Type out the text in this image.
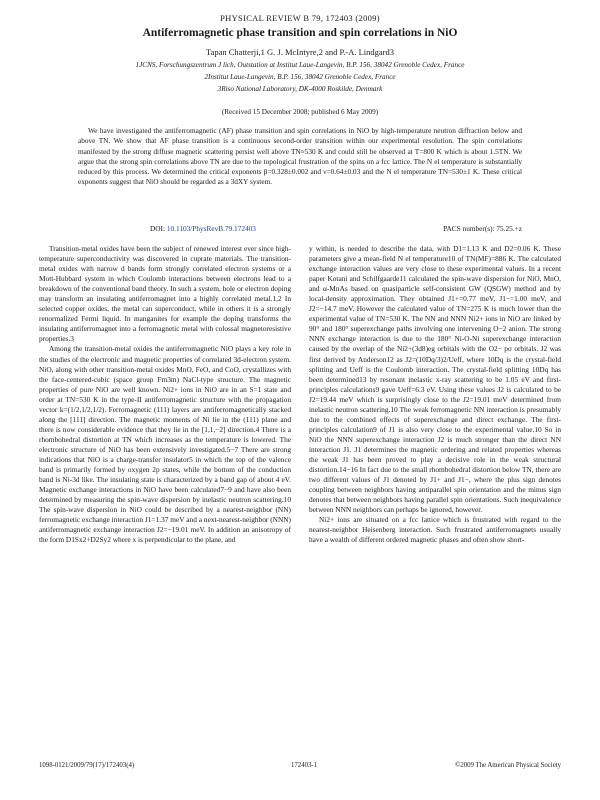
PHYSICAL REVIEW B 79, 172403 (2009)
Antiferromagnetic phase transition and spin correlations in NiO
Tapan Chatterji,1 G. J. McIntyre,2 and P.-A. Lindgard3
1JCNS, Forschungszentrum J lich, Outstation at Institut Laue-Langevin, B.P. 156, 38042 Grenoble Cedex, France
2Institut Laue-Langevin, B.P. 156, 38042 Grenoble Cedex, France
3Riso National Laboratory, DK-4000 Roskilde, Denmark
(Received 15 December 2008; published 6 May 2009)
We have investigated the antiferromagnetic (AF) phase transition and spin correlations in NiO by high-temperature neutron diffraction below and above TN. We show that AF phase transition is a continuous second-order transition within our experimental resolution. The spin correlations manifested by the strong diffuse magnetic scattering persist well above TN≈530 K and could still be observed at T=800 K which is about 1.5TN. We argue that the strong spin correlations above TN are due to the topological frustration of the spins on a fcc lattice. The N el temperature is substantially reduced by this process. We determined the critical exponents β=0.328±0.002 and ν=0.64±0.03 and the N el temperature TN=530±1 K. These critical exponents suggest that NiO should be regarded as a 3dXY system.
DOI: 10.1103/PhysRevB.79.172403	PACS number(s): 75.25.+z

Transition-metal oxides have been the subject of renewed interest ever since high-temperature superconductivity was discovered in cuprate materials. The transition-metal oxides with narrow d bands form strongly correlated electron systems or a Mott-Hubbard system in which Coulomb interactions between electrons lead to a breakdown of the conventional band theory. In such a system, hole or electron doping may transform an insulating antiferromagnet into a highly correlated metal.1,2 In selected copper oxides, the metal can superconduct, while in others it is a strongly renormalized Fermi liquid. In manganites for example the doping transforms the insulating antiferromagnet into a ferromagnetic metal with colossal magnetoresistive properties.3

Among the transition-metal oxides the antiferromagnetic NiO plays a key role in the studies of the electronic and magnetic properties of correlated 3d-electron system. NiO, along with other transition-metal oxides MnO, FeO, and CoO, crystallizes with the face-centered-cubic (space group Fm3m) NaCl-type structure. The magnetic properties of pure NiO are well known. Ni2+ ions in NiO are in an S=1 state and order at TN=530 K in the type-II antiferromagnetic structure with the propagation vector k=(1/2,1/2,1/2). Ferromagnetic (111) layers are antiferromagnetically stacked along the [111] direction. The magnetic moments of Ni lie in the (111) plane and there is now considerable evidence that they lie in the [1,1,−2] direction.4 There is a rhombohedral distortion at TN which increases as the temperature is lowered. The electronic structure of NiO has been extensively investigated.5−7 There are strong indications that NiO is a charge-transfer insulator5 in which the top of the valence band is primarily formed by oxygen 2p states, while the bottom of the conduction band is Ni-3d like. The insulating state is characterized by a band gap of about 4 eV. Magnetic exchange interactions in NiO have been calculated7−9 and have also been determined by measuring the spin-wave dispersion by inelastic neutron scattering.10 The spin-wave dispersion in NiO could be described by a nearest-neighbor (NN) ferromagnetic exchange interaction J1=1.37 meV and a next-nearest-neighbor (NNN) antiferromagnetic exchange interaction J2=−19.01 meV. In addition an anisotropy of the form D1Sx2+D2Sy2 where x is perpendicular to the plane, and

y within, is needed to describe the data, with D1=1.13 K and D2=0.06 K. These parameters give a mean-field N el temperature10 of TN(MF)=886 K. The calculated exchange interaction values are very close to these experimental values. In a recent paper Kotani and Schilfgaarde11 calculated the spin-wave dispersion for NiO, MnO, and α-MnAs based on quasiparticle self-consistent GW (QSGW) method and by local-density approximation. They obtained J1+=0.77 meV, J1−=1.00 meV, and J2=−14.7 meV. However the calculated value of TN=275 K is much lower than the experimental value of TN=530 K. The NN and NNN Ni2+ ions in NiO are linked by 90° and 180° superexchange paths involving one intervening O−2 anion. The strong NNN exchange interaction is due to the 180° Ni-O-Ni superexchange interaction caused by the overlap of the Ni2+(3d8)eg orbitals with the O2− pσ orbitals. J2 was first derived by Anderson12 as J2=(10Dq/3)2/Ueff, where 10Dq is the crystal-field splitting and Ueff is the Coulomb interaction. The crystal-field splitting 10Dq has been determined13 by resonant inelastic x-ray scattering to be 1.05 eV and first-principles calculations9 gave Ueff=6.3 eV. Using these values J2 is calculated to be J2=19.44 meV which is surprisingly close to the J2=19.01 meV determined from inelastic neutron scattering.10 The weak ferromagnetic NN interaction is presumably due to the combined effects of superexchange and direct exchange. The first-principles calculation9 of J1 is also very close to the experimental value.10 So in NiO the NNN superexchange interaction J2 is much stronger than the direct NN interaction J1. J1 determines the magnetic ordering and related properties whereas the weak J1 has been proved to play a decisive role in the weak structural distortion.14−16 In fact due to the small rhombohedral distortion below TN, there are two different values of J1 denoted by J1+ and J1−, where the plus sign denotes coupling between neighbors having antiparallel spin orientation and the minus sign denotes that between neighbors having parallel spin orientations. Such inequivalence between NNN neighbors can perhaps be ignored, however.

Ni2+ ions are situated on a fcc lattice which is frustrated with regard to the nearest-neighbor Heisenberg interaction. Such frustrated antiferromagnets usually have a wealth of different ordered magnetic phases and often show short-

1098-0121/2009/79(17)/172403(4)	172403-1	©2009 The American Physical Society
